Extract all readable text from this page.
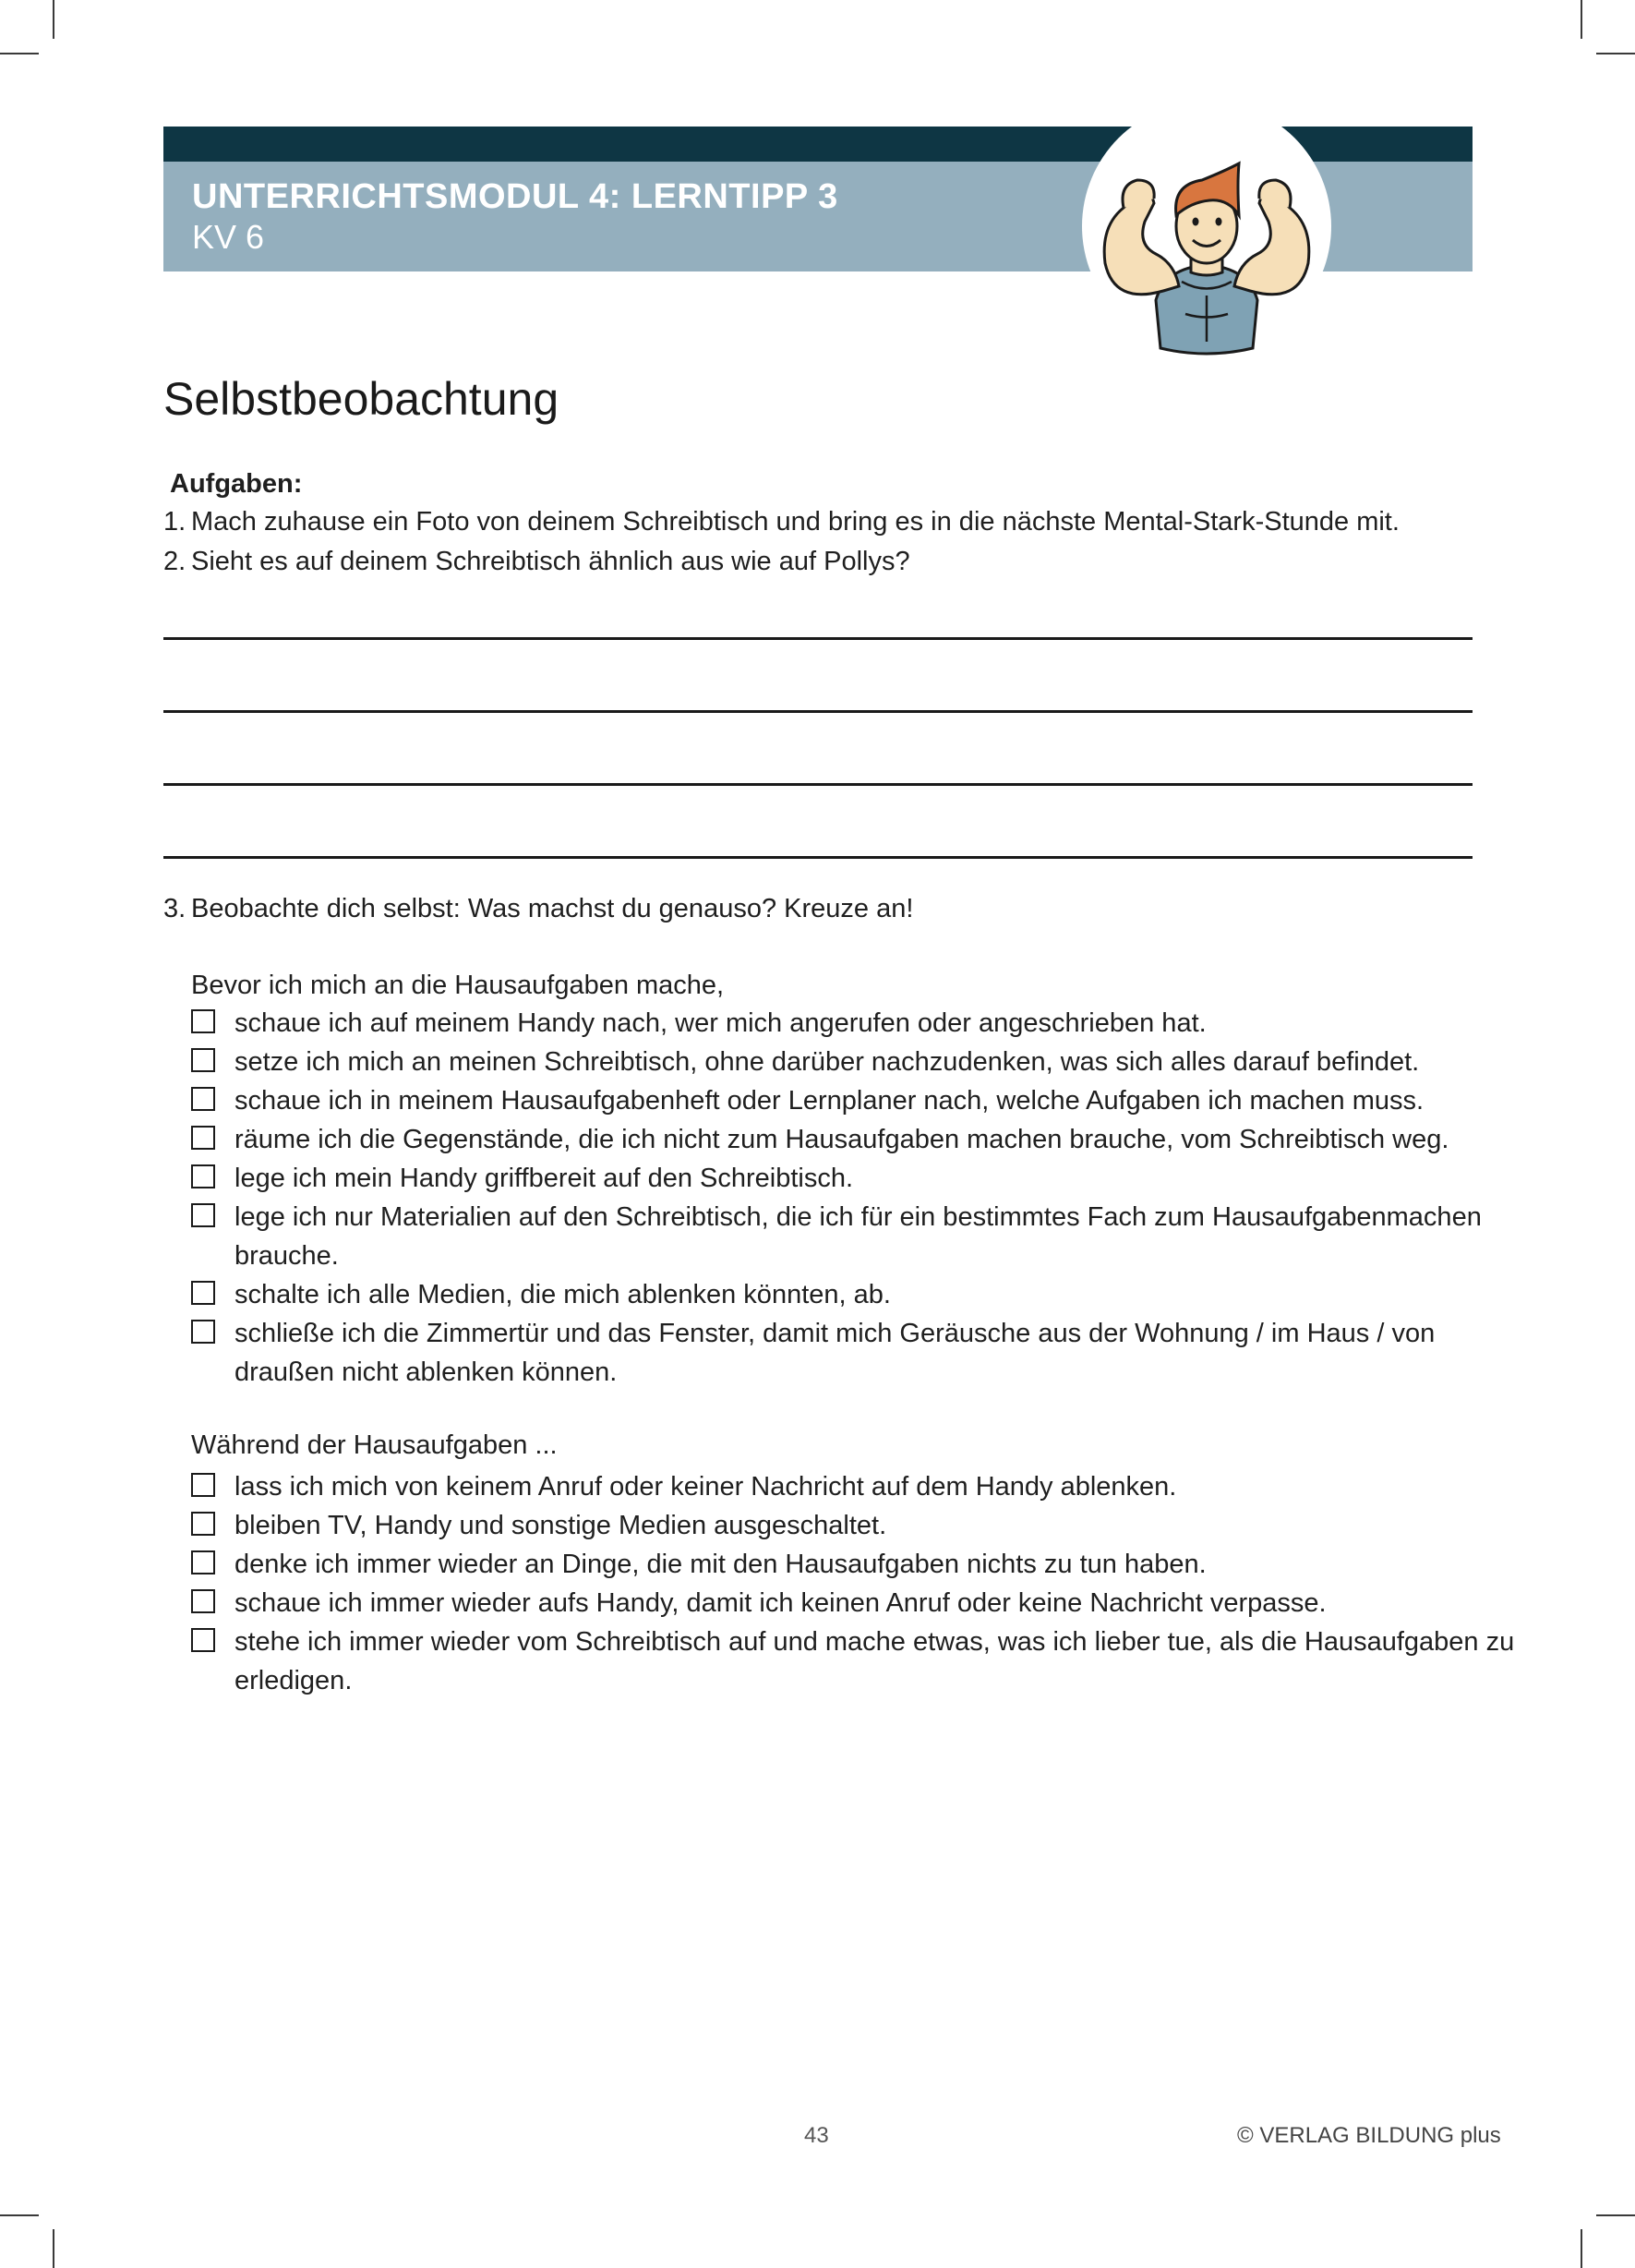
UNTERRICHTSMODUL 4: LERNTIPP 3
KV 6
Selbstbeobachtung
Aufgaben:
1. Mach zuhause ein Foto von deinem Schreibtisch und bring es in die nächste Mental-Stark-Stunde mit.
2. Sieht es auf deinem Schreibtisch ähnlich aus wie auf Pollys?
3. Beobachte dich selbst: Was machst du genauso? Kreuze an!
Bevor ich mich an die Hausaufgaben mache,
schaue ich auf meinem Handy nach, wer mich angerufen oder angeschrieben hat.
setze ich mich an meinen Schreibtisch, ohne darüber nachzudenken, was sich alles darauf befindet.
schaue ich in meinem Hausaufgabenheft oder Lernplaner nach, welche Aufgaben ich machen muss.
räume ich die Gegenstände, die ich nicht zum Hausaufgaben machen brauche, vom Schreibtisch weg.
lege ich mein Handy griffbereit auf den Schreibtisch.
lege ich nur Materialien auf den Schreibtisch, die ich für ein bestimmtes Fach zum Hausaufgabenmachen brauche.
schalte ich alle Medien, die mich ablenken könnten, ab.
schließe ich die Zimmertür und das Fenster, damit mich Geräusche aus der Wohnung / im Haus / von draußen nicht ablenken können.
Während der Hausaufgaben ...
lass ich mich von keinem Anruf oder keiner Nachricht auf dem Handy ablenken.
bleiben TV, Handy und sonstige Medien ausgeschaltet.
denke ich immer wieder an Dinge, die mit den Hausaufgaben nichts zu tun haben.
schaue ich immer wieder aufs Handy, damit ich keinen Anruf oder keine Nachricht verpasse.
stehe ich immer wieder vom Schreibtisch auf und mache etwas, was ich lieber tue, als die Hausaufgaben zu erledigen.
43	© VERLAG BILDUNG plus
